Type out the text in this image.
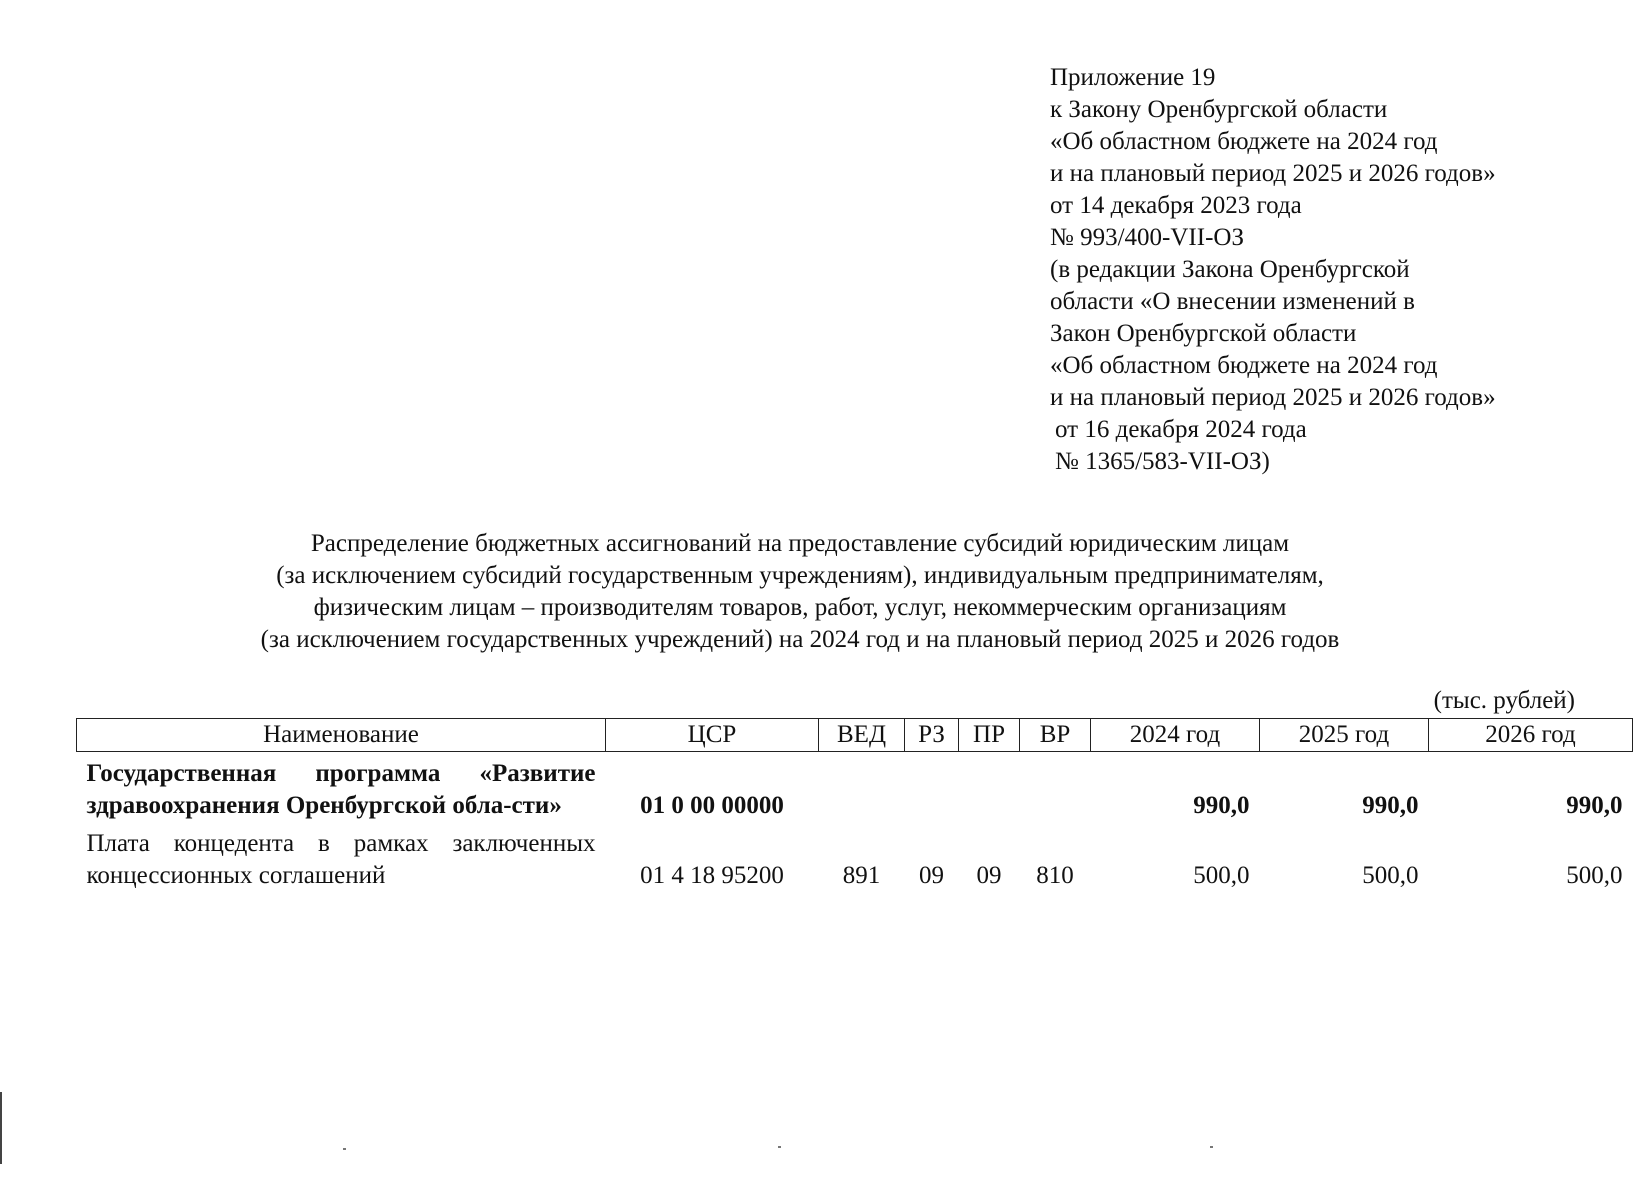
Приложение 19
к Закону Оренбургской области
«Об областном бюджете на 2024 год
и на плановый период 2025 и 2026 годов»
от 14 декабря 2023 года
№ 993/400-VII-ОЗ
(в редакции Закона Оренбургской
области «О внесении изменений в
Закон Оренбургской области
«Об областном бюджете на 2024 год
и на плановый период 2025 и 2026 годов»
от 16 декабря 2024 года
№ 1365/583-VII-ОЗ)
Распределение бюджетных ассигнований на предоставление субсидий юридическим лицам
(за исключением субсидий государственным учреждениям), индивидуальным предпринимателям,
физическим лицам – производителям товаров, работ, услуг, некоммерческим организациям
(за исключением государственных учреждений) на 2024 год и на плановый период 2025 и 2026 годов
(тыс. рублей)
Наименование	ЦСР	ВЕД	РЗ	ПР	ВР	2024 год	2025 год	2026 год
Государственная программа «Развитие здравоохранения Оренбургской обла-сти»	01 0 00 00000					990,0	990,0	990,0
Плата концедента в рамках заключенных концессионных соглашений	01 4 18 95200	891	09	09	810	500,0	500,0	500,0
